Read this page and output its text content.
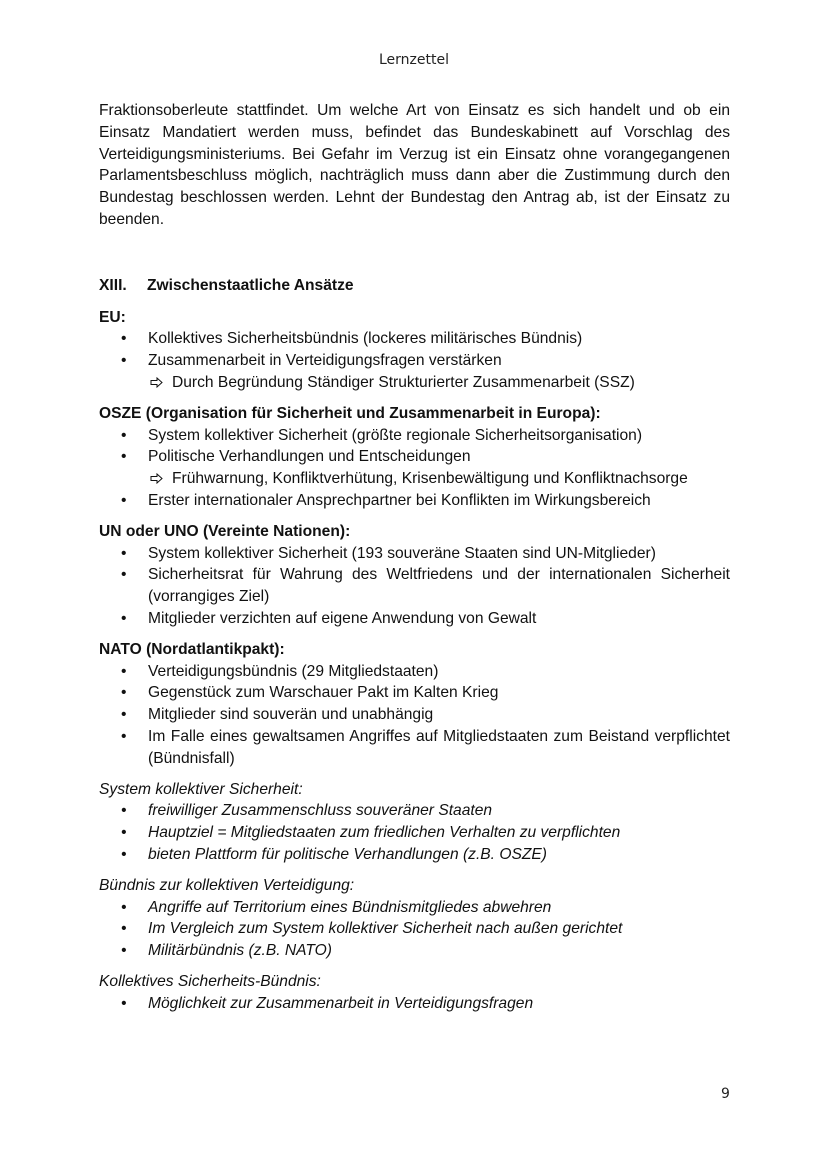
Lernzettel

Fraktionsoberleute stattfindet. Um welche Art von Einsatz es sich handelt und ob ein Einsatz Mandatiert werden muss, befindet das Bundeskabinett auf Vorschlag des Verteidigungsministeriums. Bei Gefahr im Verzug ist ein Einsatz ohne vorangegangenen Parlamentsbeschluss möglich, nachträglich muss dann aber die Zustimmung durch den Bundestag beschlossen werden. Lehnt der Bundestag den Antrag ab, ist der Einsatz zu beenden.

XIII.	Zwischenstaatliche Ansätze

EU:

• Kollektives Sicherheitsbündnis (lockeres militärisches Bündnis)
• Zusammenarbeit in Verteidigungsfragen verstärken
Durch Begründung Ständiger Strukturierter Zusammenarbeit (SSZ)

OSZE (Organisation für Sicherheit und Zusammenarbeit in Europa):

• System kollektiver Sicherheit (größte regionale Sicherheitsorganisation)
• Politische Verhandlungen und Entscheidungen
Frühwarnung, Konfliktverhütung, Krisenbewältigung und Konfliktnachsorge
• Erster internationaler Ansprechpartner bei Konflikten im Wirkungsbereich

UN oder UNO (Vereinte Nationen):

• System kollektiver Sicherheit (193 souveräne Staaten sind UN-Mitglieder)
• Sicherheitsrat für Wahrung des Weltfriedens und der internationalen Sicherheit (vorrangiges Ziel)
• Mitglieder verzichten auf eigene Anwendung von Gewalt

NATO (Nordatlantikpakt):

• Verteidigungsbündnis (29 Mitgliedstaaten)
• Gegenstück zum Warschauer Pakt im Kalten Krieg
• Mitglieder sind souverän und unabhängig
• Im Falle eines gewaltsamen Angriffes auf Mitgliedstaaten zum Beistand verpflichtet (Bündnisfall)

System kollektiver Sicherheit:

• freiwilliger Zusammenschluss souveräner Staaten
• Hauptziel = Mitgliedstaaten zum friedlichen Verhalten zu verpflichten
• bieten Plattform für politische Verhandlungen (z.B. OSZE)

Bündnis zur kollektiven Verteidigung:

• Angriffe auf Territorium eines Bündnismitgliedes abwehren
• Im Vergleich zum System kollektiver Sicherheit nach außen gerichtet
• Militärbündnis (z.B. NATO)

Kollektives Sicherheits-Bündnis:

• Möglichkeit zur Zusammenarbeit in Verteidigungsfragen
9
